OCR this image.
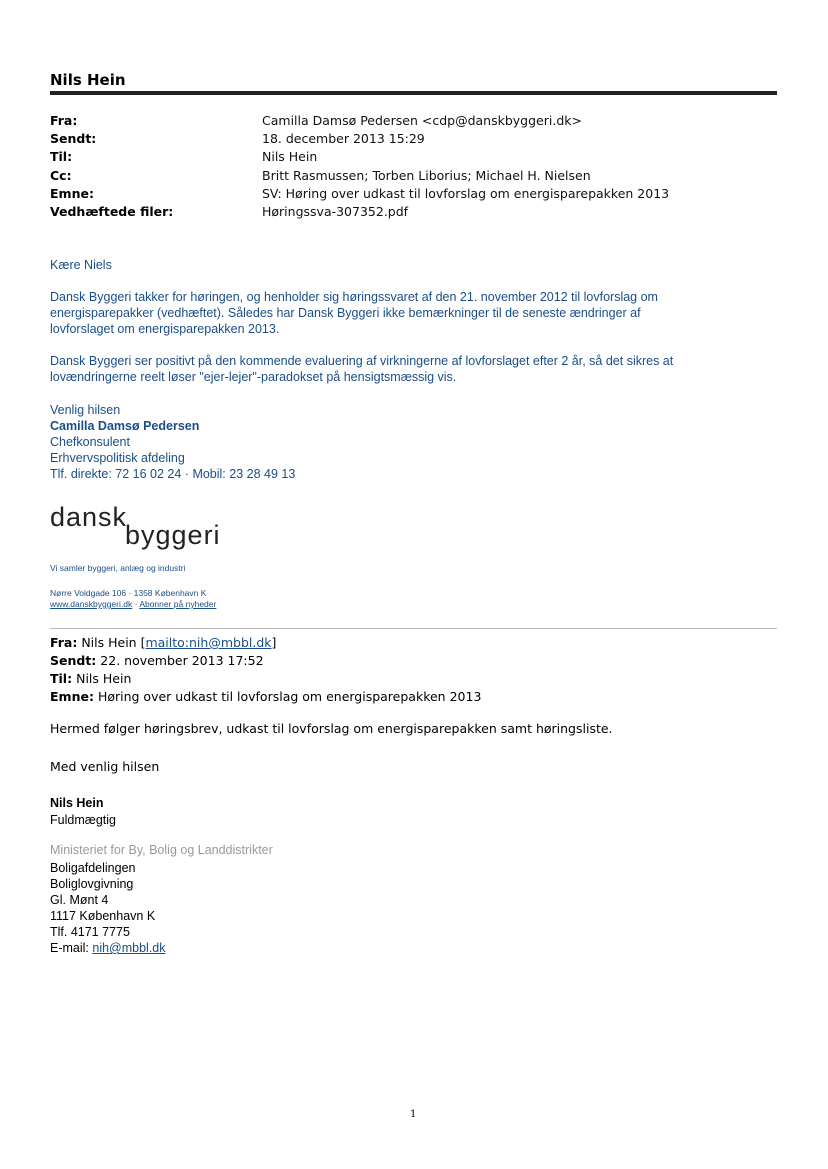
Nils Hein
Fra:	Camilla Damsø Pedersen <cdp@danskbyggeri.dk>
Sendt:	18. december 2013 15:29
Til:	Nils Hein
Cc:	Britt Rasmussen; Torben Liborius; Michael H. Nielsen
Emne:	SV: Høring over udkast til lovforslag om energisparepakken 2013
Vedhæftede filer:	Høringssva-307352.pdf
Kære Niels

Dansk Byggeri takker for høringen, og henholder sig høringssvaret af den 21. november 2012 til lovforslag om

energisparepakker (vedhæftet). Således har Dansk Byggeri ikke bemærkninger til de seneste ændringer af

lovforslaget om energisparepakken 2013.

Dansk Byggeri ser positivt på den kommende evaluering af virkningerne af lovforslaget efter 2 år, så det sikres at

lovændringerne reelt løser "ejer-lejer"-paradokset på hensigtsmæssig vis.

Venlig hilsen

Camilla Damsø Pedersen

Chefkonsulent

Erhvervspolitisk afdeling

Tlf. direkte: 72 16 02 24 · Mobil: 23 28 49 13

dansk
byggeri
Vi samler byggeri, anlæg og industri
Nørre Voldgade 106 · 1358 København K
www.danskbyggeri.dk · Abonner på nyheder
Fra: Nils Hein [mailto:nih@mbbl.dk]
Sendt: 22. november 2013 17:52
Til: Nils Hein
Emne: Høring over udkast til lovforslag om energisparepakken 2013
Hermed følger høringsbrev, udkast til lovforslag om energisparepakken samt høringsliste.
Med venlig hilsen
Nils Hein
Fuldmægtig
Ministeriet for By, Bolig og Landdistrikter
Boligafdelingen
Boliglovgivning
Gl. Mønt 4
1117 København K
Tlf. 4171 7775
E-mail: nih@mbbl.dk
1
